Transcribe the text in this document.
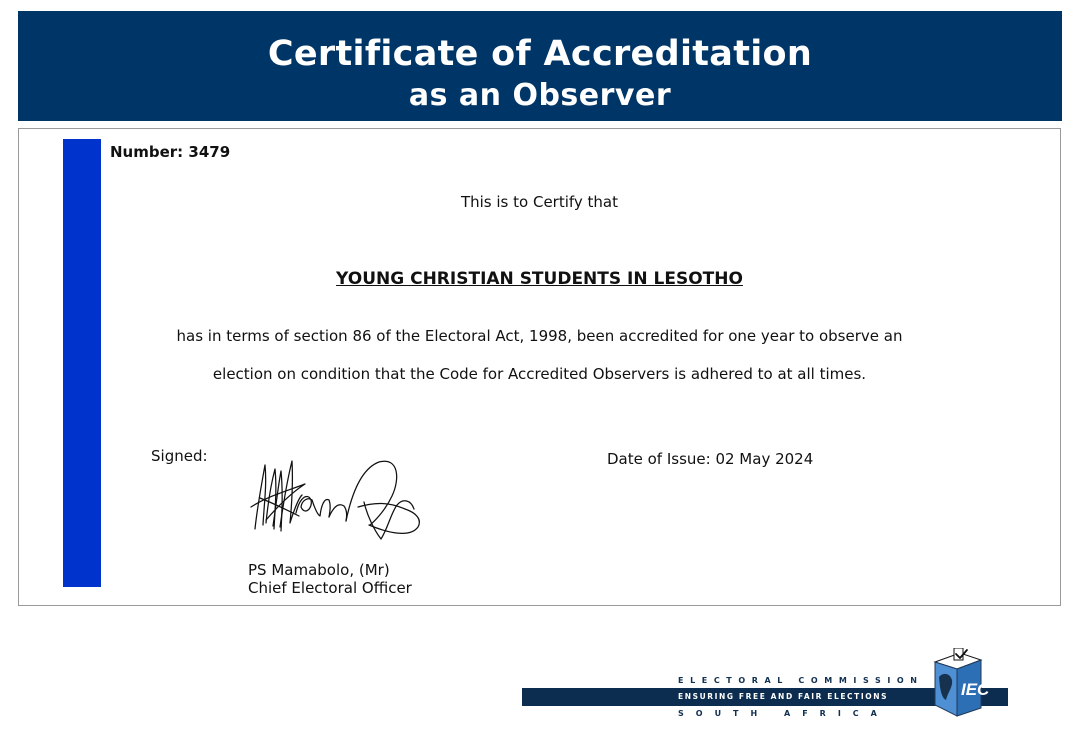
Certificate of Accreditation
as an Observer
Number: 3479
This is to Certify that
YOUNG CHRISTIAN STUDENTS IN LESOTHO
has in terms of section 86 of the Electoral Act, 1998, been accredited for one year to observe an
election on condition that the Code for Accredited Observers is adhered to at all times.
Signed:	Date of Issue: 02 May 2024
PS Mamabolo, (Mr)
Chief Electoral Officer
ELECTORAL COMMISSION
ENSURING FREE AND FAIR ELECTIONS
SOUTH AFRICA
IEC
